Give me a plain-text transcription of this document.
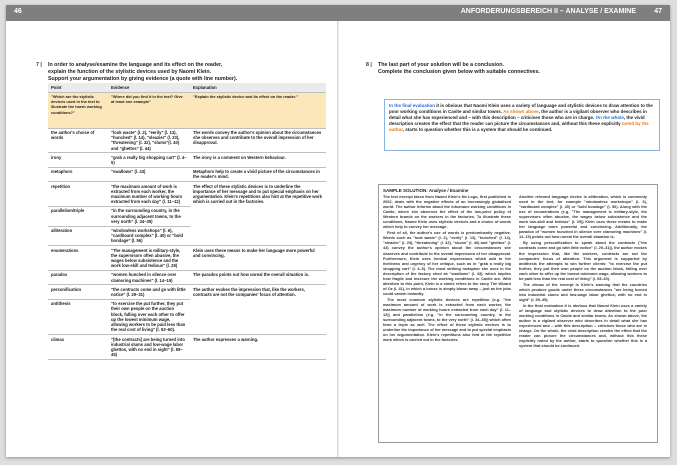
46	ANFORDERUNGSBEREICH II – ANALYSE / EXAMINE	47
7 | In order to analyse/examine the language and its effect on the reader,
explain the function of the stylistic devices used by Naomi Klein.
Support your argumentation by giving evidence (a quote with line number).
Point	Evidence	Explanation
"Which are the stylistic devices used in the text to illustrate the harsh working conditions?"	"Where did you find it in the text? Give at least one example"	"Explain the stylistic device and its effect on the reader."
the author's choice of words	"look waste" (l. 2), "eerily" (l. 13), "hunched" (l. 14), "sleazier" (l. 23), "threatening" (l. 32), "slums"(l. 40) and "ghettos" (l. 44)	The words convey the author's opinion about the circumstances she observes and contribute to the overall impression of her disapproval.
irony	"grab a really big shopping cart" (l. 4–5)	The irony is a comment on Western behaviour.
metaphors	"swallows" (l. 43)	Metaphors help to create a vivid picture of the circumstances in the reader's mind.
repetition	"the maximum amount of work is extracted from each worker, the maximum number of working hours extracted from each day" (l. 11–12)	The effect of these stylistic devices is to underline the importance of her message and to put special emphasis on her argumentation. Klein's repetitions also hint at the repetitive work which is carried out in the factories.
parallelism/triple	"in the surrounding country, in the surrounding adjacent towns, to the very north" (l. 34–35)	
alliteration	"windowless workshops" (l. 6), "cardboard complex" (l. 40) or "bold bondage" (l. 56)	
enumerations	"The management is military-style, the supervisors often abusive, the wages below subsistence and the work low-skill and tedious" (l. 29)	Klein uses these means to make her language more powerful and convincing.
paradox	"women hunched in silence over clamoring machines" (l. 14–15)	The paradox points out how unreal the overall situation is.
personification	"the contracts come and go with little notice" (l. 29–31)	The author evokes the impression that, like the workers, contracts are not the companies' focus of attention.
antithesis	"to exercise the put further, they put their own people on the auction block, falling over each other to offer up the lowest minimum wage, allowing workers to be paid less than the real cost of living" (l. 53–60).	
climax	"[the contracts] are being turned into industrial slums and low-wage labor ghettos, with no end in sight" (l. 59–45)	The author expresses a warning.
8 | The last part of your solution will be a conclusion.
Complete the conclusion given below with suitable connectives.
In the final evaluation it is obvious that Naomi Klein uses a variety of language and stylistic devices to draw attention to the poor working conditions in Cavite and similar towns. As shown above, the author is a vigilant observer who describes in detail what she has experienced and – with this description – criticises those who are in charge. On the whole, the vivid description creates the effect that the reader can picture the circumstances and, without this these explicitly noted by the author, starts to question whether this is a system that should be continued.
SAMPLE SOLUTION: Analyse / Examine

The text excerpt taken from Naomi Klein's No Logo, first published in 2002, deals with the negative effects of an increasingly globalised world. The author informs about the inhumane working conditions in Cavite, where she observes the effect of the low-price policy of Western brands on the workers in the factories. To illustrate these conditions, Naomi Klein uses stylistic devices and a choice of words which help to convey her message.

First of all, the author's use of words is predominantly negative. Words such as "look waste" (l. 2), "eerily" (l. 13), "hunched" (l. 14), "sleazier" (l. 23), "threatening" (l. 32), "slums" (l. 40) and "ghettos" (l. 44) convey the author's opinion about the circumstances she observes and contribute to the overall impression of her disapproval. Furthermore, Klein uses ironical expressions which add to the liveliness and urgency of her critique, such as in "grab a really big shopping cart" (l. 4–5). The most striking metaphor she uses in the description of the factory shed as "swallows" (l. 43), which implies how fragile and insecure the working conditions in Cavite are. With attention to this point, Klein is a simile refers to the story The Wizard of Oz (l. 41), in which a house is simply blown away – just as the jobs could vanish instantly.

The most common stylistic devices are repetition (e.g. "the maximum amount of work is extracted from each worker, the maximum number of working hours extracted from each day" (l. 11–12)) and parallelism (e.g. "in the surrounding country, in the surrounding adjacent towns, to the very north" (l. 34–35)) which often form a triple as well. The effect of these stylistic devices is to underline the importance of her message and to put special emphasis on her argumentation. Klein's repetitions also hint at the repetitive work which is carried out in the factories.

Another relevant language device is alliteration, which is commonly used in the text, for example "windowless workshops" (l. 6), "cardboard complex" (l. 40) or "bold bondage" (l. 56). Along with the use of enumerations (e.g. "The management is military-style, the supervisors often abusive, the wages below subsistence and the work low-skill and tedious" (l. 29)) Klein uses these means to make her language more powerful and convincing. Additionally, the paradox of "women hunched in silence over clamoring machines" (l. 14–15) points out how unreal the overall situation is.

By using personification to speak about the contracts ("the contracts come and go with little notice" (l. 29–31)), the author evokes the impression that, like the workers, contracts are not the companies' focus of attention. This argument is supported by antithesis the attempts to win further clients: "to exercise the put further, they put their own people on the auction block, falling over each other to offer up the lowest minimum wage, allowing workers to be paid less than the real cost of living" (l. 53–60).

The climax of the excerpt is Klein's warning that the countries which produce goods under these circumstances "are being turned into industrial slums and low-wage labor ghettos, with no end in sight" (l. 59–45).

In the final evaluation it is obvious that Naomi Klein uses a variety of language and stylistic devices to draw attention to the poor working conditions in Cavite and similar towns. As shown above, the author is a vigilant observer who describes in detail what she has experienced and – with this description – criticises those who are in charge. On the whole, the vivid description creates the effect that the reader can picture the circumstances and, without this these explicitly noted by the author, starts to question whether this is a system that should be continued.
